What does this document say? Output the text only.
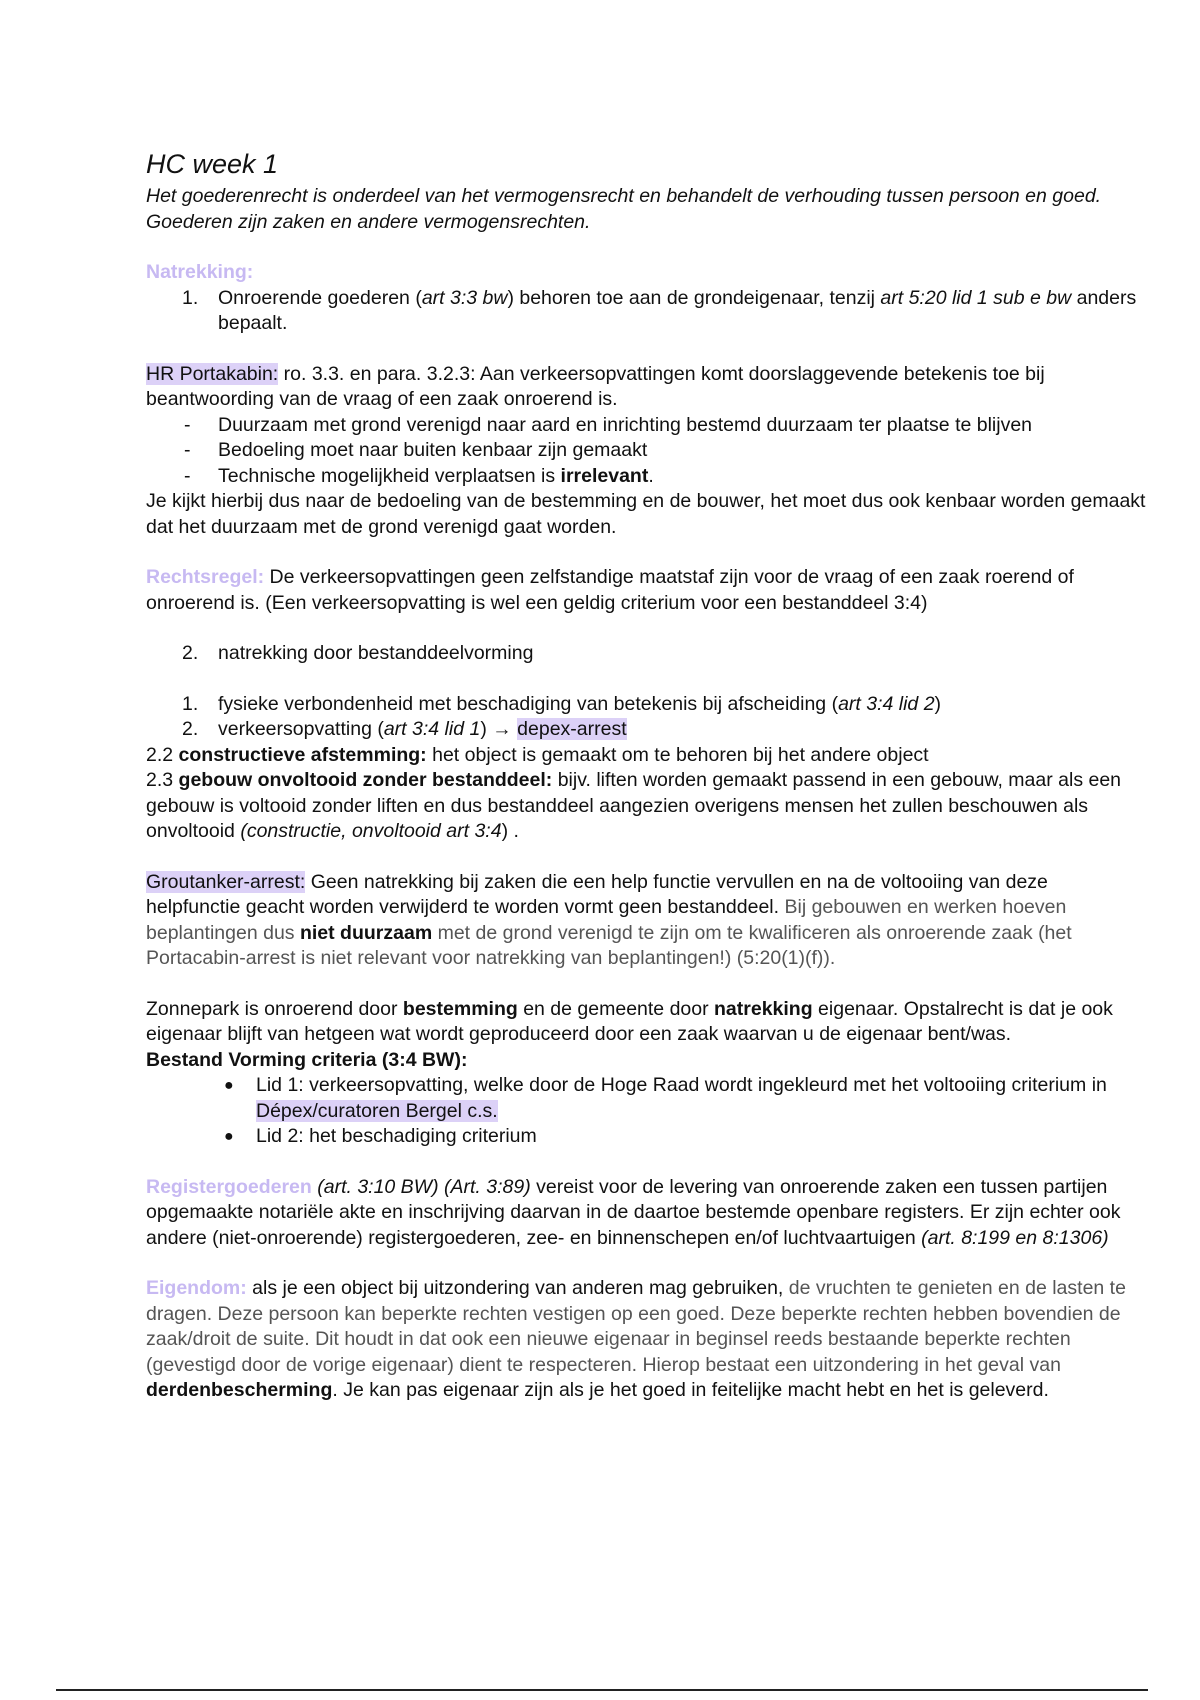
HC week 1

Het goederenrecht is onderdeel van het vermogensrecht en behandelt de verhouding tussen persoon en goed. Goederen zijn zaken en andere vermogensrechten.

Natrekking:

1. Onroerende goederen (art 3:3 bw) behoren toe aan de grondeigenaar, tenzij art 5:20 lid 1 sub e bw anders bepaalt.

HR Portakabin: ro. 3.3. en para. 3.2.3: Aan verkeersopvattingen komt doorslaggevende betekenis toe bij beantwoording van de vraag of een zaak onroerend is.

- Duurzaam met grond verenigd naar aard en inrichting bestemd duurzaam ter plaatse te blijven
- Bedoeling moet naar buiten kenbaar zijn gemaakt
- Technische mogelijkheid verplaatsen is irrelevant.

Je kijkt hierbij dus naar de bedoeling van de bestemming en de bouwer, het moet dus ook kenbaar worden gemaakt dat het duurzaam met de grond verenigd gaat worden.

Rechtsregel: De verkeersopvattingen geen zelfstandige maatstaf zijn voor de vraag of een zaak roerend of onroerend is. (Een verkeersopvatting is wel een geldig criterium voor een bestanddeel 3:4)

2. natrekking door bestanddeelvorming
1. fysieke verbondenheid met beschadiging van betekenis bij afscheiding (art 3:4 lid 2)
2. verkeersopvatting (art 3:4 lid 1) → depex-arrest

2.2 constructieve afstemming: het object is gemaakt om te behoren bij het andere object

2.3 gebouw onvoltooid zonder bestanddeel: bijv. liften worden gemaakt passend in een gebouw, maar als een gebouw is voltooid zonder liften en dus bestanddeel aangezien overigens mensen het zullen beschouwen als onvoltooid (constructie, onvoltooid art 3:4) .

Groutanker-arrest: Geen natrekking bij zaken die een help functie vervullen en na de voltooiing van deze helpfunctie geacht worden verwijderd te worden vormt geen bestanddeel. Bij gebouwen en werken hoeven beplantingen dus niet duurzaam met de grond verenigd te zijn om te kwalificeren als onroerende zaak (het Portacabin-arrest is niet relevant voor natrekking van beplantingen!) (5:20(1)(f)).

Zonnepark is onroerend door bestemming en de gemeente door natrekking eigenaar. Opstalrecht is dat je ook eigenaar blijft van hetgeen wat wordt geproduceerd door een zaak waarvan u de eigenaar bent/was.

Bestand Vorming criteria (3:4 BW):

● Lid 1: verkeersopvatting, welke door de Hoge Raad wordt ingekleurd met het voltooiing criterium in Dépex/curatoren Bergel c.s.
● Lid 2: het beschadiging criterium

Registergoederen (art. 3:10 BW) (Art. 3:89) vereist voor de levering van onroerende zaken een tussen partijen opgemaakte notariële akte en inschrijving daarvan in de daartoe bestemde openbare registers. Er zijn echter ook andere (niet-onroerende) registergoederen, zee- en binnenschepen en/of luchtvaartuigen (art. 8:199 en 8:1306)

Eigendom: als je een object bij uitzondering van anderen mag gebruiken, de vruchten te genieten en de lasten te dragen. Deze persoon kan beperkte rechten vestigen op een goed. Deze beperkte rechten hebben bovendien de zaak/droit de suite. Dit houdt in dat ook een nieuwe eigenaar in beginsel reeds bestaande beperkte rechten (gevestigd door de vorige eigenaar) dient te respecteren. Hierop bestaat een uitzondering in het geval van derdenbescherming. Je kan pas eigenaar zijn als je het goed in feitelijke macht hebt en het is geleverd.
